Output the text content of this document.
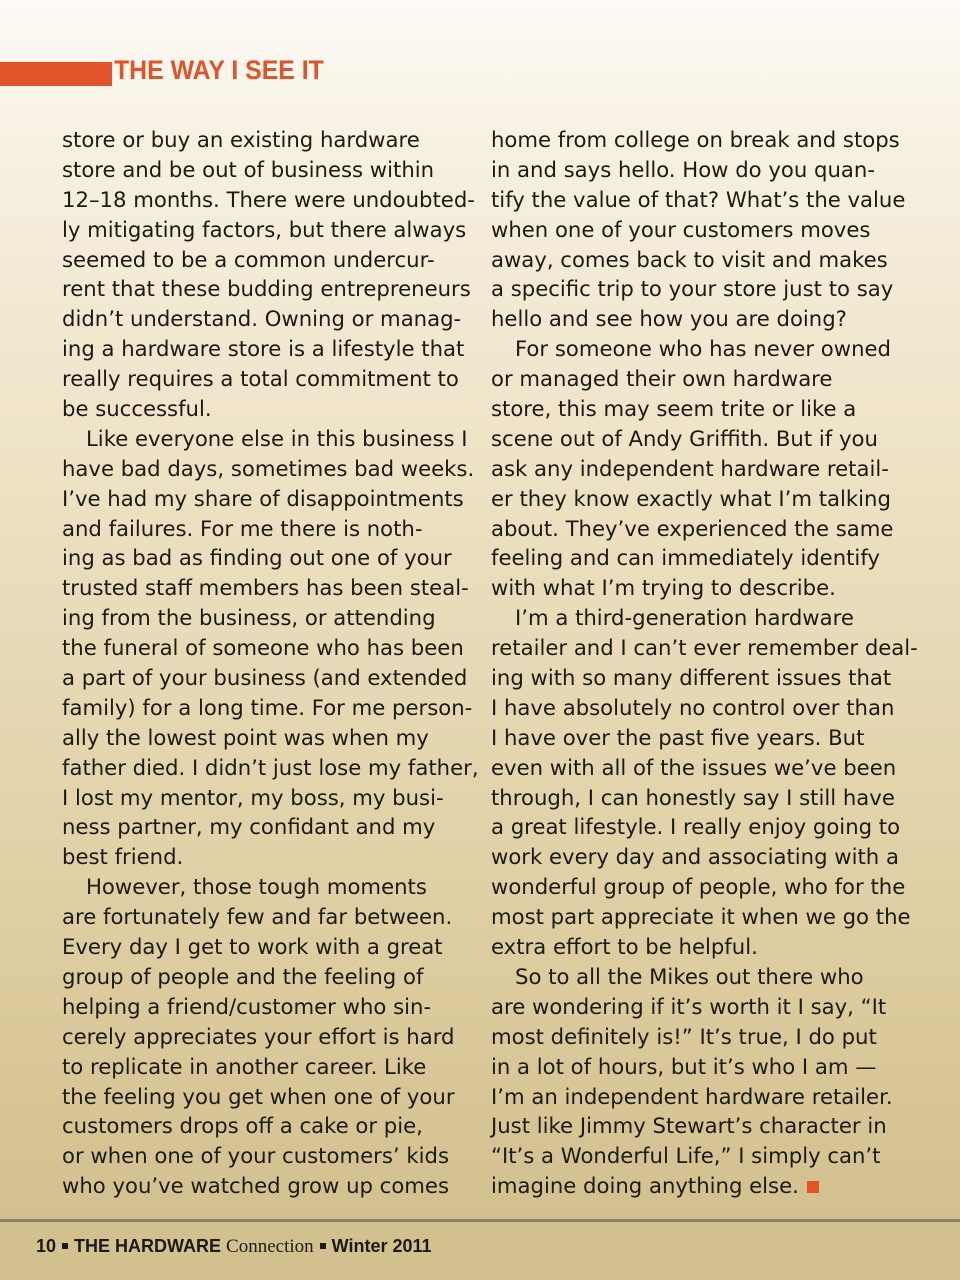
THE WAY I SEE IT
store or buy an existing hardware
store and be out of business within
12–18 months. There were undoubted-
ly mitigating factors, but there always
seemed to be a common undercur-
rent that these budding entrepreneurs
didn’t understand. Owning or manag-
ing a hardware store is a lifestyle that
really requires a total commitment to
be successful.
Like everyone else in this business I
have bad days, sometimes bad weeks.
I’ve had my share of disappointments
and failures. For me there is noth-
ing as bad as finding out one of your
trusted staff members has been steal-
ing from the business, or attending
the funeral of someone who has been
a part of your business (and extended
family) for a long time. For me person-
ally the lowest point was when my
father died. I didn’t just lose my father,
I lost my mentor, my boss, my busi-
ness partner, my confidant and my
best friend.
However, those tough moments
are fortunately few and far between.
Every day I get to work with a great
group of people and the feeling of
helping a friend/customer who sin-
cerely appreciates your effort is hard
to replicate in another career. Like
the feeling you get when one of your
customers drops off a cake or pie,
or when one of your customers’ kids
who you’ve watched grow up comes
home from college on break and stops
in and says hello. How do you quan-
tify the value of that? What’s the value
when one of your customers moves
away, comes back to visit and makes
a specific trip to your store just to say
hello and see how you are doing?
For someone who has never owned
or managed their own hardware
store, this may seem trite or like a
scene out of Andy Griffith. But if you
ask any independent hardware retail-
er they know exactly what I’m talking
about. They’ve experienced the same
feeling and can immediately identify
with what I’m trying to describe.
I’m a third-generation hardware
retailer and I can’t ever remember deal-
ing with so many different issues that
I have absolutely no control over than
I have over the past five years. But
even with all of the issues we’ve been
through, I can honestly say I still have
a great lifestyle. I really enjoy going to
work every day and associating with a
wonderful group of people, who for the
most part appreciate it when we go the
extra effort to be helpful.
So to all the Mikes out there who
are wondering if it’s worth it I say, “It
most definitely is!” It’s true, I do put
in a lot of hours, but it’s who I am —
I’m an independent hardware retailer.
Just like Jimmy Stewart’s character in
“It’s a Wonderful Life,” I simply can’t
imagine doing anything else.
10 THE HARDWARE Connection Winter 2011
